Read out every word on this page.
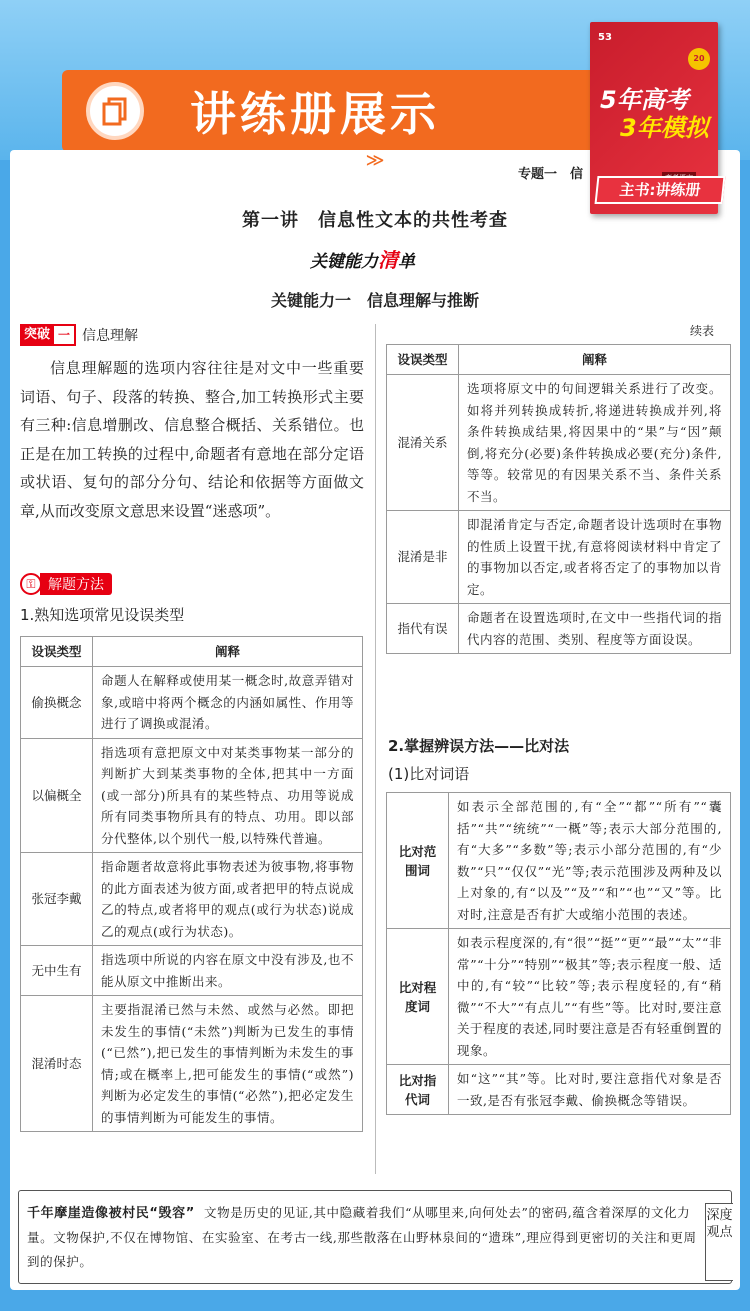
讲练册展示
≫
53
20
5年高考
3年模拟
主书:讲练册
专题一　信
第一讲　信息性文本的共性考查
关键能力清单
关键能力一　信息理解与推断
突破 一 信息理解
信息理解题的选项内容往往是对文中一些重要词语、句子、段落的转换、整合,加工转换形式主要有三种:信息增删改、信息整合概括、关系错位。也正是在加工转换的过程中,命题者有意地在部分定语或状语、复句的部分分句、结论和依据等方面做文章,从而改变原文意思来设置“迷惑项”。
⚿ 解题方法
1.熟知选项常见设误类型
设误类型	阐释
偷换概念	命题人在解释或使用某一概念时,故意弄错对象,或暗中将两个概念的内涵如属性、作用等进行了调换或混淆。
以偏概全	指选项有意把原文中对某类事物某一部分的判断扩大到某类事物的全体,把其中一方面(或一部分)所具有的某些特点、功用等说成所有同类事物所具有的特点、功用。即以部分代整体,以个别代一般,以特殊代普遍。
张冠李戴	指命题者故意将此事物表述为彼事物,将事物的此方面表述为彼方面,或者把甲的特点说成乙的特点,或者将甲的观点(或行为状态)说成乙的观点(或行为状态)。
无中生有	指选项中所说的内容在原文中没有涉及,也不能从原文中推断出来。
混淆时态	主要指混淆已然与未然、或然与必然。即把未发生的事情(“未然”)判断为已发生的事情(“已然”),把已发生的事情判断为未发生的事情;或在概率上,把可能发生的事情(“或然”)判断为必定发生的事情(“必然”),把必定发生的事情判断为可能发生的事情。
续表
设误类型	阐释
混淆关系	选项将原文中的句间逻辑关系进行了改变。如将并列转换成转折,将递进转换成并列,将条件转换成结果,将因果中的“果”与“因”颠倒,将充分(必要)条件转换成必要(充分)条件,等等。较常见的有因果关系不当、条件关系不当。
混淆是非	即混淆肯定与否定,命题者设计选项时在事物的性质上设置干扰,有意将阅读材料中肯定了的事物加以否定,或者将否定了的事物加以肯定。
指代有误	命题者在设置选项时,在文中一些指代词的指代内容的范围、类别、程度等方面设误。
2.掌握辨误方法——比对法
(1)比对词语
比对范围词	如表示全部范围的,有“全”“都”“所有”“囊括”“共”“统统”“一概”等;表示大部分范围的,有“大多”“多数”等;表示小部分范围的,有“少数”“只”“仅仅”“光”等;表示范围涉及两种及以上对象的,有“以及”“及”“和”“也”“又”等。比对时,注意是否有扩大或缩小范围的表述。
比对程度词	如表示程度深的,有“很”“挺”“更”“最”“太”“非常”“十分”“特别”“极其”等;表示程度一般、适中的,有“较”“比较”等;表示程度轻的,有“稍微”“不大”“有点儿”“有些”等。比对时,要注意关于程度的表述,同时要注意是否有轻重倒置的现象。
比对指代词	如“这”“其”等。比对时,要注意指代对象是否一致,是否有张冠李戴、偷换概念等错误。
千年摩崖造像被村民“毁容” 文物是历史的见证,其中隐藏着我们“从哪里来,向何处去”的密码,蕴含着深厚的文化力量。文物保护,不仅在博物馆、在实验室、在考古一线,那些散落在山野林泉间的“遗珠”,理应得到更密切的关注和更周到的保护。
深度观点
